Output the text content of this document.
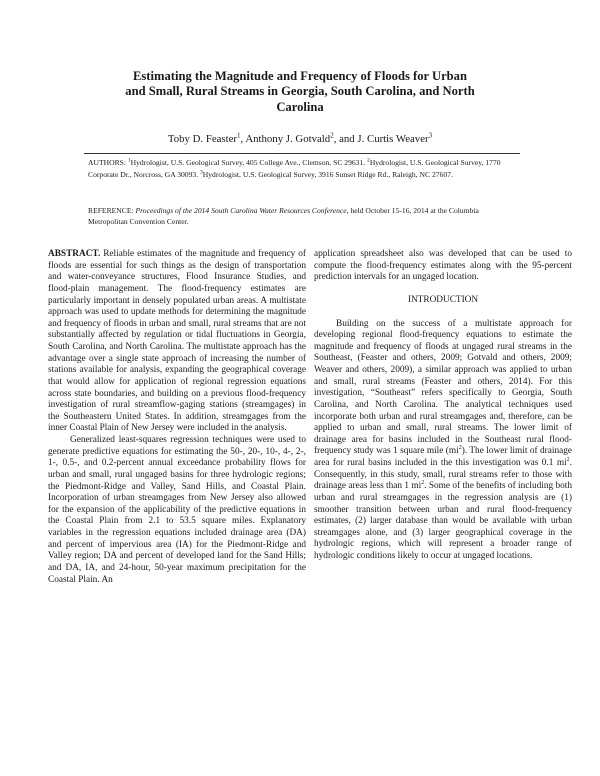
Estimating the Magnitude and Frequency of Floods for Urban
and Small, Rural Streams in Georgia, South Carolina, and North
Carolina
Toby D. Feaster$^1$, Anthony J. Gotvald$^2$, and J. Curtis Weaver$^3$
AUTHORS: $^1$Hydrologist, U.S. Geological Survey, 405 College Ave., Clemson, SC 29631. $^2$Hydrologist, U.S. Geological Survey, 1770 Corporate Dr., Norcross, GA 30093. $^3$Hydrologist, U.S. Geological Survey, 3916 Sunset Ridge Rd., Raleigh, NC 27607.
REFERENCE: Proceedings of the 2014 South Carolina Water Resources Conference, held October 15-16, 2014 at the Columbia Metropolitan Convention Center.

ABSTRACT. Reliable estimates of the magnitude and frequency of floods are essential for such things as the design of transportation and water-conveyance structures, Flood Insurance Studies, and flood-plain management. The flood-frequency estimates are particularly important in densely populated urban areas. A multistate approach was used to update methods for determining the magnitude and frequency of floods in urban and small, rural streams that are not substantially affected by regulation or tidal fluctuations in Georgia, South Carolina, and North Carolina. The multistate approach has the advantage over a single state approach of increasing the number of stations available for analysis, expanding the geographical coverage that would allow for application of regional regression equations across state boundaries, and building on a previous flood-frequency investigation of rural streamflow-gaging stations (streamgages) in the Southeastern United States. In addition, streamgages from the inner Coastal Plain of New Jersey were included in the analysis.

Generalized least-squares regression techniques were used to generate predictive equations for estimating the 50-, 20-, 10-, 4-, 2-, 1-, 0.5-, and 0.2-percent annual exceedance probability flows for urban and small, rural ungaged basins for three hydrologic regions; the Piedmont-Ridge and Valley, Sand Hills, and Coastal Plain. Incorporation of urban streamgages from New Jersey also allowed for the expansion of the applicability of the predictive equations in the Coastal Plain from 2.1 to 53.5 square miles. Explanatory variables in the regression equations included drainage area (DA) and percent of impervious area (IA) for the Piedmont-Ridge and Valley region; DA and percent of developed land for the Sand Hills; and DA, IA, and 24-hour, 50-year maximum precipitation for the Coastal Plain. An

application spreadsheet also was developed that can be used to compute the flood-frequency estimates along with the 95-percent prediction intervals for an ungaged location.

INTRODUCTION

Building on the success of a multistate approach for developing regional flood-frequency equations to estimate the magnitude and frequency of floods at ungaged rural streams in the Southeast, (Feaster and others, 2009; Gotvald and others, 2009; Weaver and others, 2009), a similar approach was applied to urban and small, rural streams (Feaster and others, 2014). For this investigation, “Southeast” refers specifically to Georgia, South Carolina, and North Carolina. The analytical techniques used incorporate both urban and rural streamgages and, therefore, can be applied to urban and small, rural streams. The lower limit of drainage area for basins included in the Southeast rural flood-frequency study was 1 square mile $(mi^2)$. The lower limit of drainage area for rural basins included in the this investigation was 0.1 $mi^2$. Consequently, in this study, small, rural streams refer to those with drainage areas less than 1 $mi^2$. Some of the benefits of including both urban and rural streamgages in the regression analysis are (1) smoother transition between urban and rural flood-frequency estimates, (2) larger database than would be available with urban streamgages alone, and (3) larger geographical coverage in the hydrologic regions, which will represent a broader range of hydrologic conditions likely to occur at ungaged locations.
